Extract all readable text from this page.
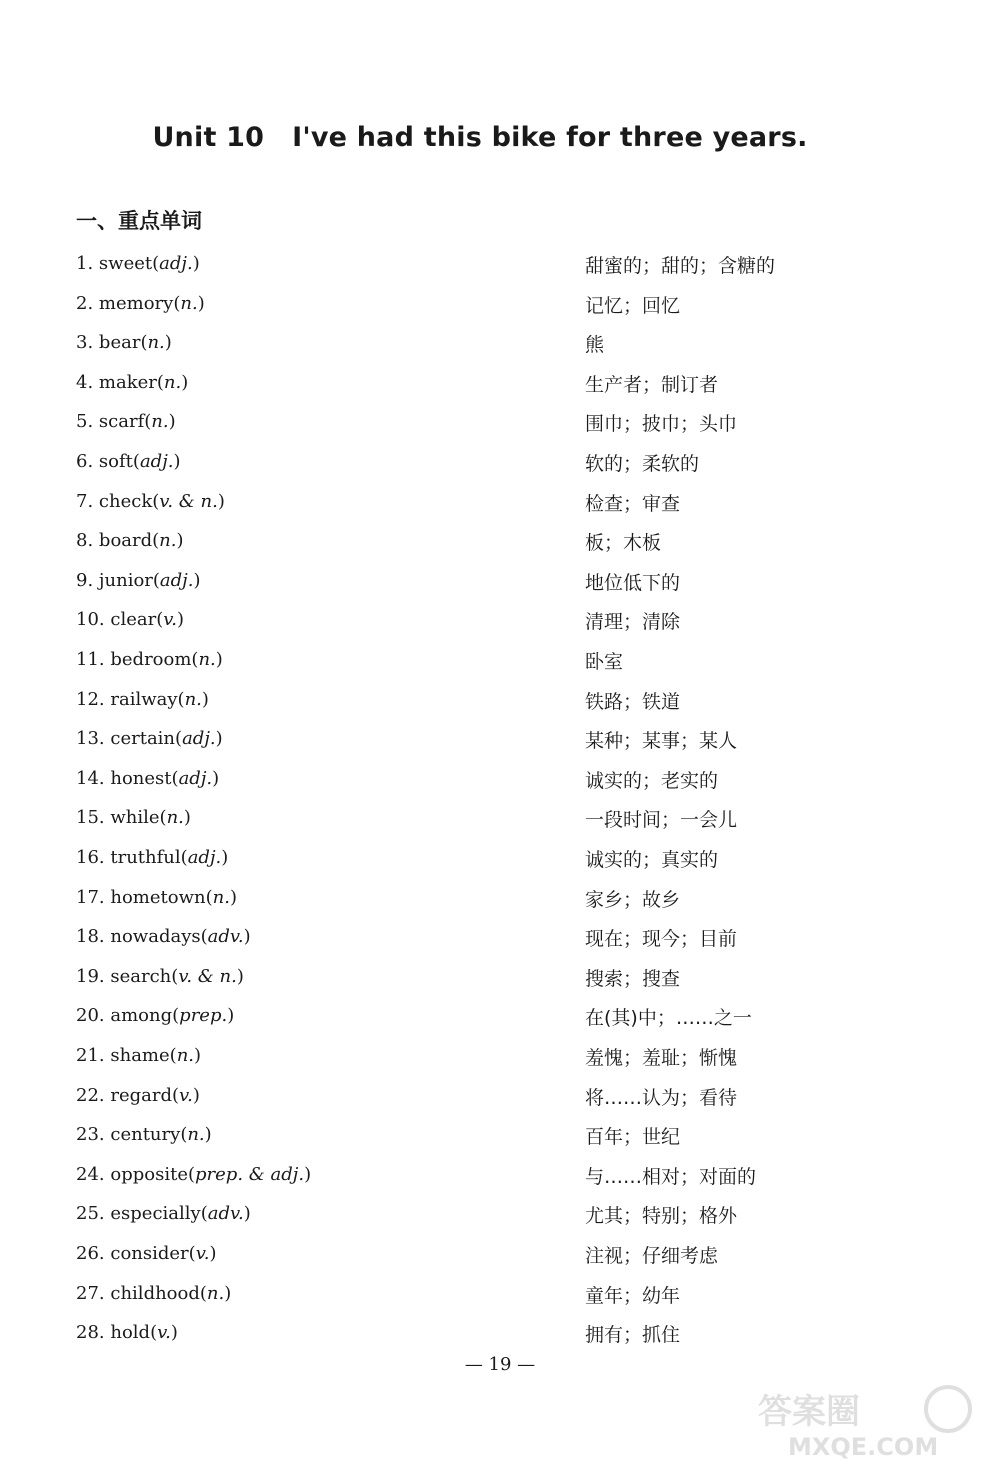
Unit 10 I've had this bike for three years.
一、重点单词
1. sweet(adj.)	甜蜜的；甜的；含糖的
2. memory(n.)	记忆；回忆
3. bear(n.)	熊
4. maker(n.)	生产者；制订者
5. scarf(n.)	围巾；披巾；头巾
6. soft(adj.)	软的；柔软的
7. check(v. & n.)	检查；审查
8. board(n.)	板；木板
9. junior(adj.)	地位低下的
10. clear(v.)	清理；清除
11. bedroom(n.)	卧室
12. railway(n.)	铁路；铁道
13. certain(adj.)	某种；某事；某人
14. honest(adj.)	诚实的；老实的
15. while(n.)	一段时间；一会儿
16. truthful(adj.)	诚实的；真实的
17. hometown(n.)	家乡；故乡
18. nowadays(adv.)	现在；现今；目前
19. search(v. & n.)	搜索；搜查
20. among(prep.)	在(其)中；……之一
21. shame(n.)	羞愧；羞耻；惭愧
22. regard(v.)	将……认为；看待
23. century(n.)	百年；世纪
24. opposite(prep. & adj.)	与……相对；对面的
25. especially(adv.)	尤其；特别；格外
26. consider(v.)	注视；仔细考虑
27. childhood(n.)	童年；幼年
28. hold(v.)	拥有；抓住
— 19 —
答案圈
MXQE.COM
